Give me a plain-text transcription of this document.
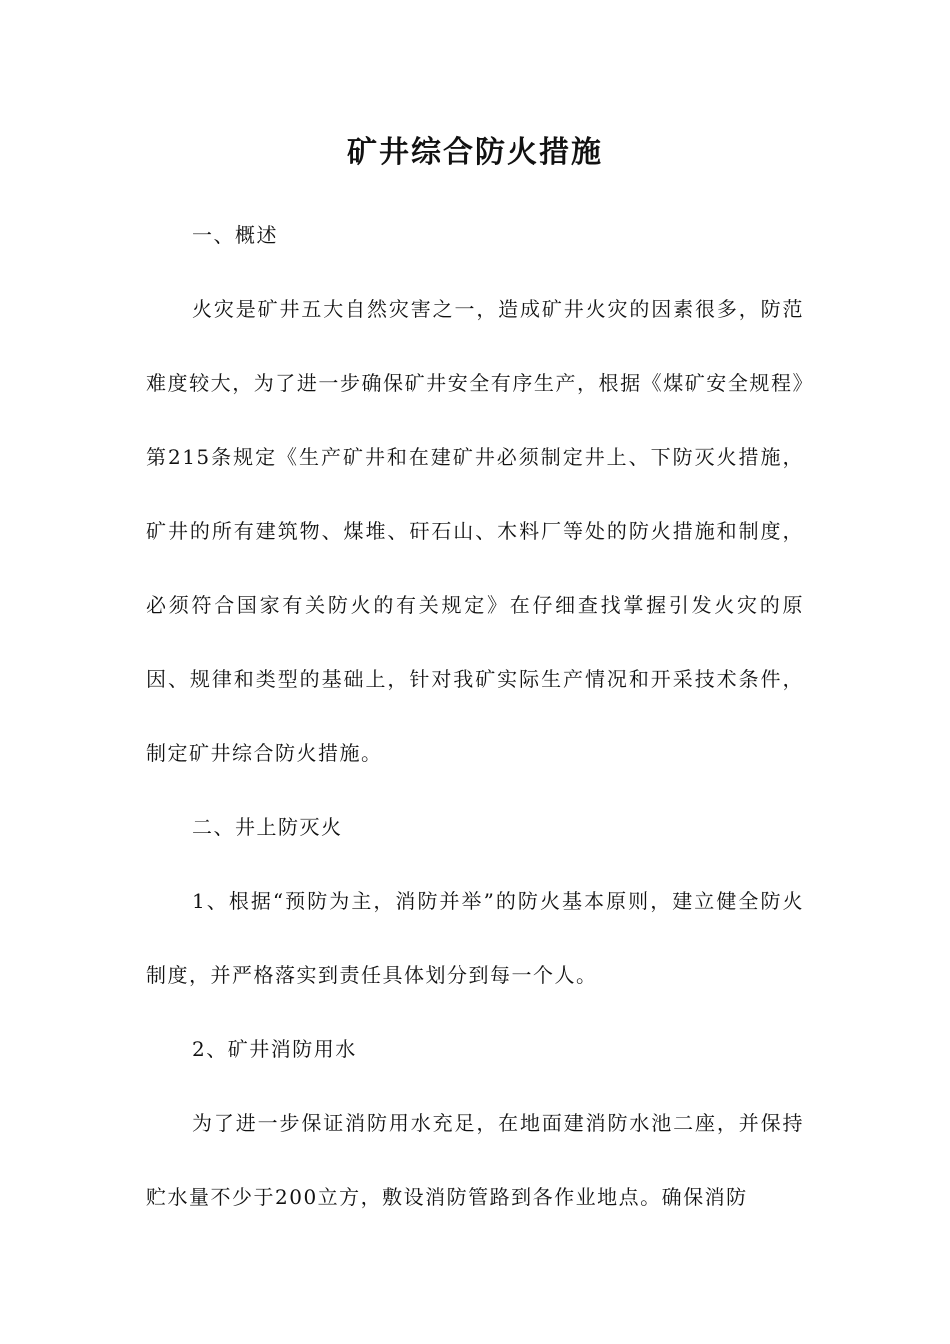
矿井综合防火措施

一、概述

火灾是矿井五大自然灾害之一，造成矿井火灾的因素很多，防范难度较大，为了进一步确保矿井安全有序生产，根据《煤矿安全规程》第215条规定《生产矿井和在建矿井必须制定井上、下防灭火措施，矿井的所有建筑物、煤堆、矸石山、木料厂等处的防火措施和制度，必须符合国家有关防火的有关规定》在仔细查找掌握引发火灾的原因、规律和类型的基础上，针对我矿实际生产情况和开采技术条件，制定矿井综合防火措施。

二、井上防灭火

1、根据“预防为主，消防并举”的防火基本原则，建立健全防火制度，并严格落实到责任具体划分到每一个人。

2、矿井消防用水

为了进一步保证消防用水充足，在地面建消防水池二座，并保持贮水量不少于200立方，敷设消防管路到各作业地点。确保消防
